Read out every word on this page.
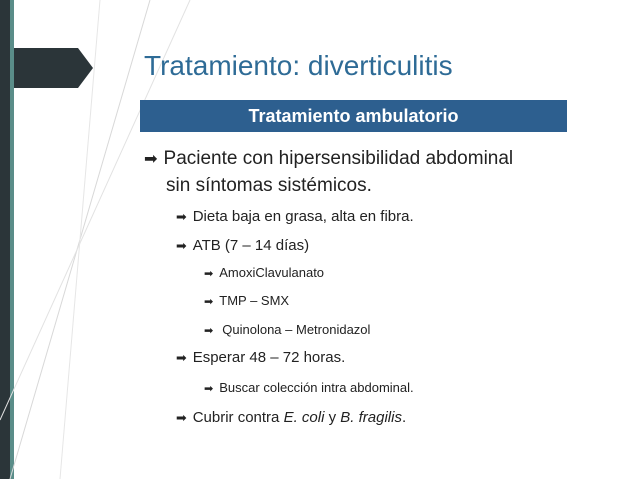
Tratamiento: diverticulitis
Tratamiento ambulatorio
➡ Paciente con hipersensibilidad abdominal
sin síntomas sistémicos.
➡ Dieta baja en grasa, alta en fibra.
➡ ATB (7 – 14 días)
➡ AmoxiClavulanato
➡ TMP – SMX
➡ Quinolona – Metronidazol
➡ Esperar 48 – 72 horas.
➡ Buscar colección intra abdominal.
➡ Cubrir contra E. coli y B. fragilis.
